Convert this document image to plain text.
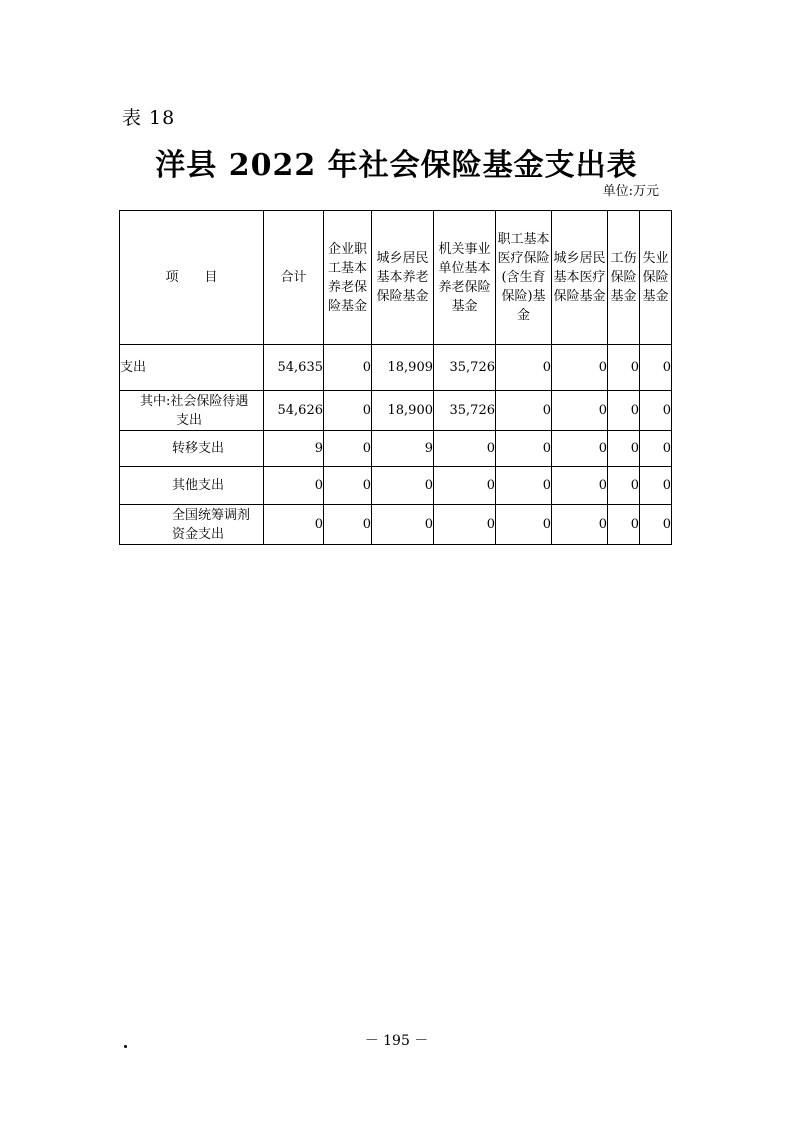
表 18
洋县 2022 年社会保险基金支出表
单位:万元
项　　目	合计	企业职工基本养老保险基金	城乡居民基本养老保险基金	机关事业单位基本养老保险基金	职工基本医疗保险(含生育保险)基金	城乡居民基本医疗保险基金	工伤保险基金	失业保险基金
支出	54,635	0	18,909	35,726	0	0	0	0
其中:社会保险待遇
支出	54,626	0	18,900	35,726	0	0	0	0
转移支出	9	0	9	0	0	0	0	0
其他支出	0	0	0	0	0	0	0	0
全国统筹调剂
资金支出	0	0	0	0	0	0	0	0
－ 195 －
